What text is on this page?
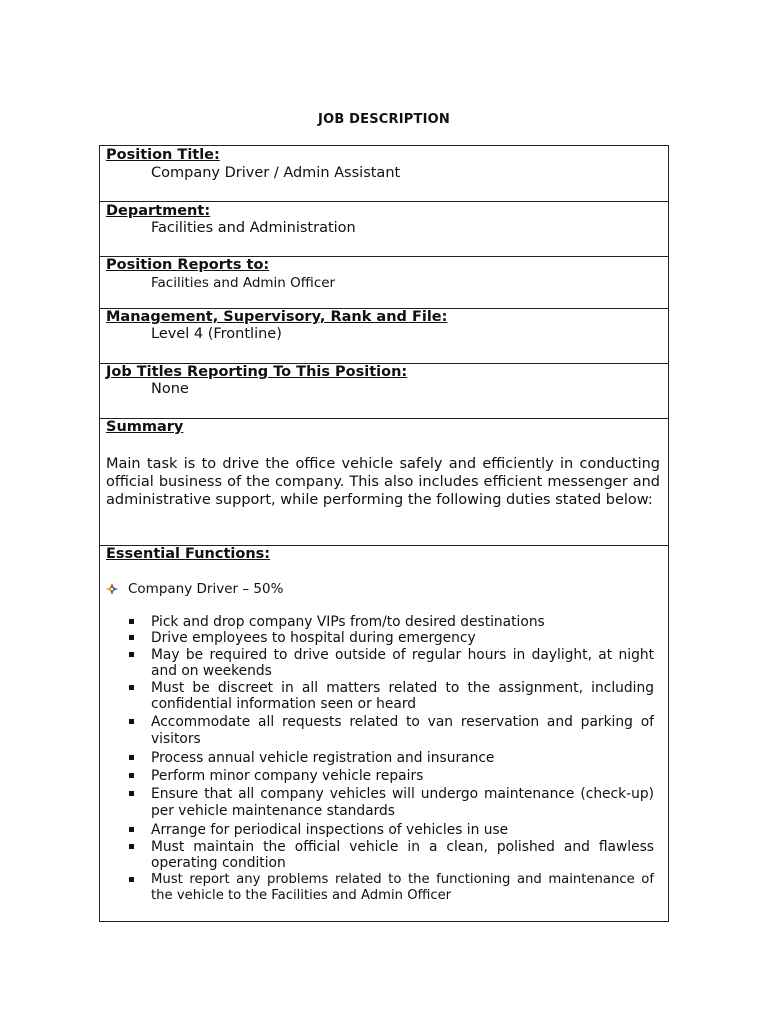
JOB DESCRIPTION
Position Title:
Company Driver / Admin Assistant
Department:
Facilities and Administration
Position Reports to:
Facilities and Admin Officer
Management, Supervisory, Rank and File:
Level 4 (Frontline)
Job Titles Reporting To This Position:
None
Summary
Main task is to drive the office vehicle safely and efficiently in conducting official business of the company. This also includes efficient messenger and administrative support, while performing the following duties stated below:
Essential Functions:
Company Driver – 50%
Pick and drop company VIPs from/to desired destinations
Drive employees to hospital during emergency
May be required to drive outside of regular hours in daylight, at night and on weekends
Must be discreet in all matters related to the assignment, including confidential information seen or heard
Accommodate all requests related to van reservation and parking of visitors
Process annual vehicle registration and insurance
Perform minor company vehicle repairs
Ensure that all company vehicles will undergo maintenance (check-up) per vehicle maintenance standards
Arrange for periodical inspections of vehicles in use
Must maintain the official vehicle in a clean, polished and flawless operating condition
Must report any problems related to the functioning and maintenance of the vehicle to the Facilities and Admin Officer
